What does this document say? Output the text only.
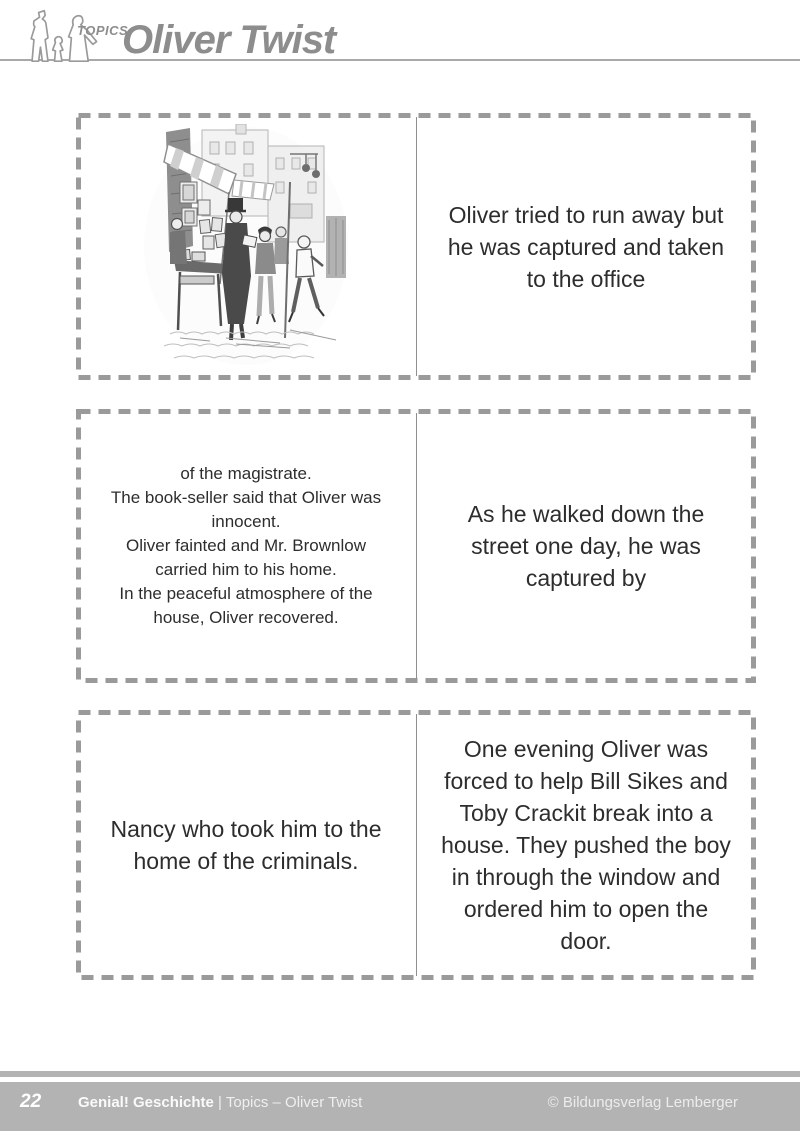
TOPICS
Oliver Twist
Oliver tried to run away but
he was captured and taken
to the office
of the magistrate.
The book-seller said that Oliver was
innocent.
Oliver fainted and Mr. Brownlow
carried him to his home.
In the peaceful atmosphere of the
house, Oliver recovered.
As he walked down the
street one day, he was
captured by
Nancy who took him to the
home of the criminals.
One evening Oliver was
forced to help Bill Sikes and
Toby Crackit break into a
house. They pushed the boy
in through the window and
ordered him to open the
door.
22 Genial! Geschichte | Topics – Oliver Twist	© Bildungsverlag Lemberger
